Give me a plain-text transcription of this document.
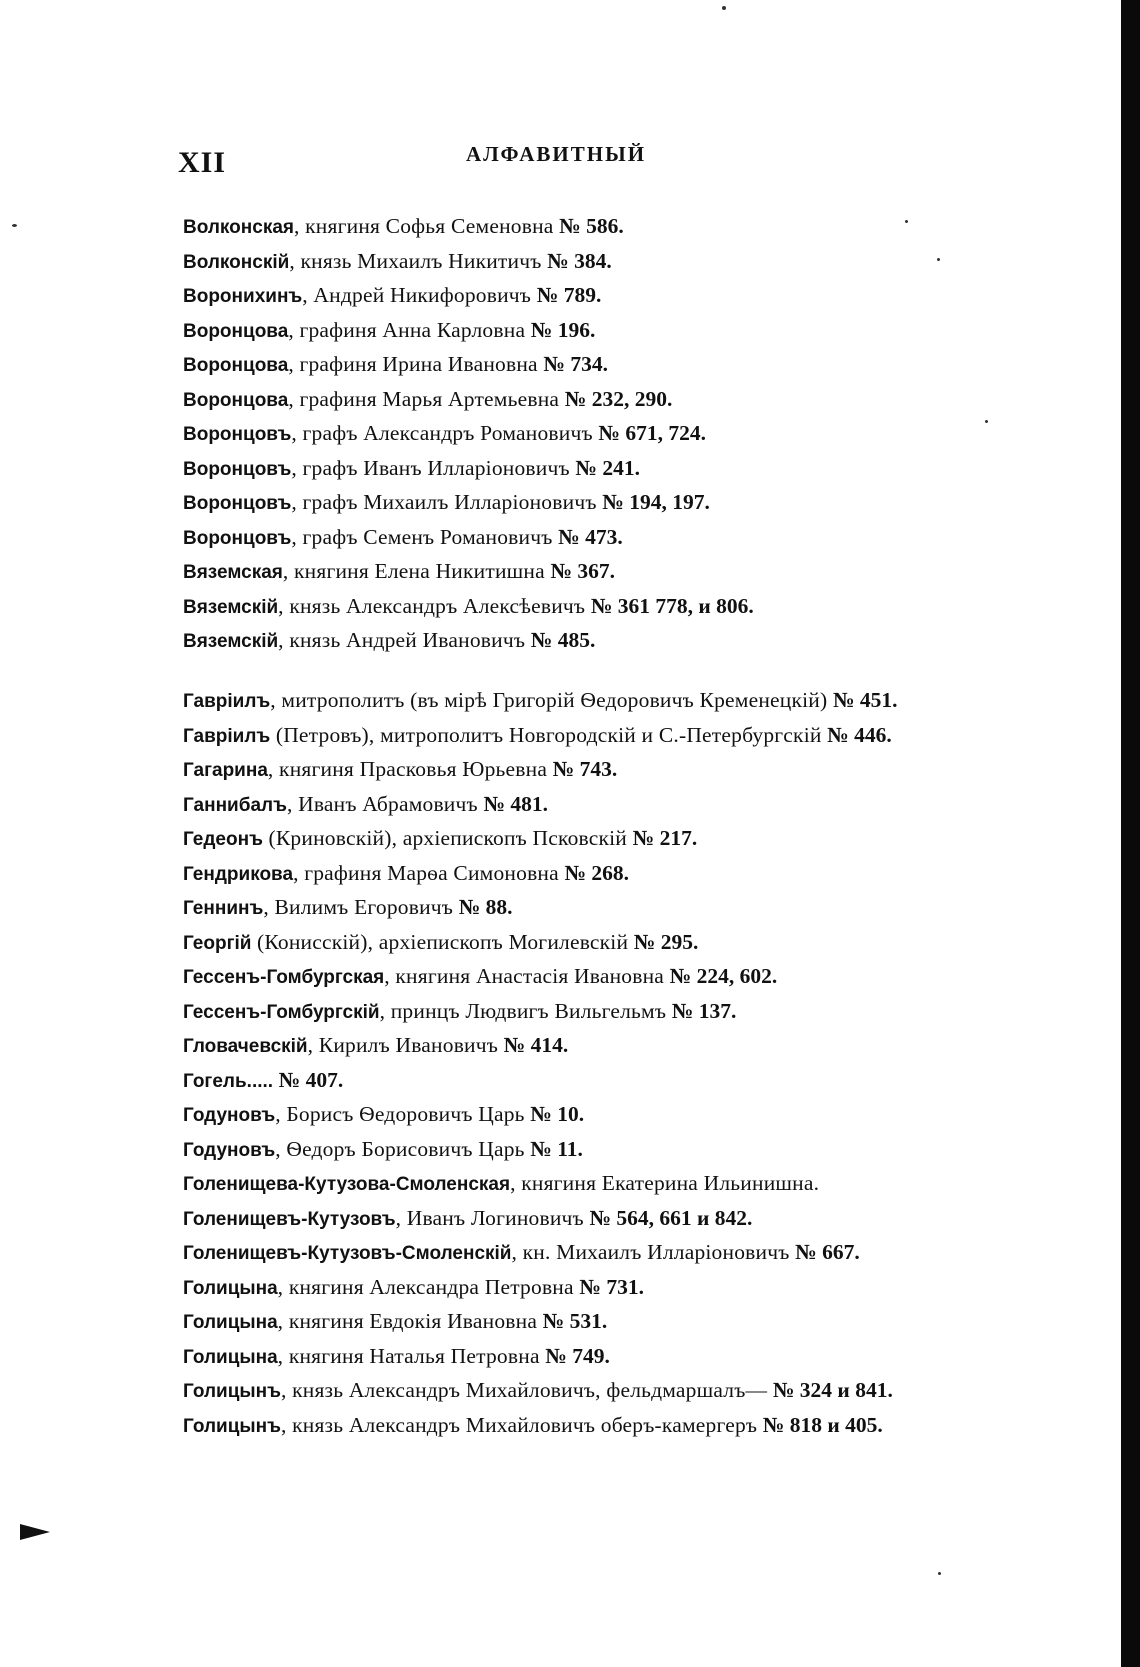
XII	АЛФАВИТНЫЙ
Волконская, княгиня Софья Семеновна № 586.
Волконскій, князь Михаилъ Никитичъ № 384.
Воронихинъ, Андрей Никифоровичъ № 789.
Воронцова, графиня Анна Карловна № 196.
Воронцова, графиня Ирина Ивановна № 734.
Воронцова, графиня Марья Артемьевна № 232, 290.
Воронцовъ, графъ Александръ Романовичъ № 671, 724.
Воронцовъ, графъ Иванъ Илларіоновичъ № 241.
Воронцовъ, графъ Михаилъ Илларіоновичъ № 194, 197.
Воронцовъ, графъ Семенъ Романовичъ № 473.
Вяземская, княгиня Елена Никитишна № 367.
Вяземскій, князь Александръ Алексѣевичъ № 361 778, и 806.
Вяземскій, князь Андрей Ивановичъ № 485.
Гавріилъ, митрополитъ (въ мірѣ Григорій Ѳедоровичъ Кременецкій) № 451.
Гавріилъ (Петровъ), митрополитъ Новгородскій и С.-Петербургскій № 446.
Гагарина, княгиня Прасковья Юрьевна № 743.
Ганнибалъ, Иванъ Абрамовичъ № 481.
Гедеонъ (Криновскій), архіепископъ Псковскій № 217.
Гендрикова, графиня Марѳа Симоновна № 268.
Геннинъ, Вилимъ Егоровичъ № 88.
Георгій (Конисскій), архіепископъ Могилевскій № 295.
Гессенъ-Гомбургская, княгиня Анастасія Ивановна № 224, 602.
Гессенъ-Гомбургскій, принцъ Людвигъ Вильгельмъ № 137.
Гловачевскій, Кирилъ Ивановичъ № 414.
Гогель..... № 407.
Годуновъ, Борисъ Ѳедоровичъ Царь № 10.
Годуновъ, Ѳедоръ Борисовичъ Царь № 11.
Голенищева-Кутузова-Смоленская, княгиня Екатерина Ильинишна.
Голенищевъ-Кутузовъ, Иванъ Логиновичъ № 564, 661 и 842.
Голенищевъ-Кутузовъ-Смоленскій, кн. Михаилъ Илларіоновичъ № 667.
Голицына, княгиня Александра Петровна № 731.
Голицына, княгиня Евдокія Ивановна № 531.
Голицына, княгиня Наталья Петровна № 749.
Голицынъ, князь Александръ Михайловичъ, фельдмаршалъ— № 324 и 841.
Голицынъ, князь Александръ Михайловичъ оберъ-камергеръ № 818 и 405.
